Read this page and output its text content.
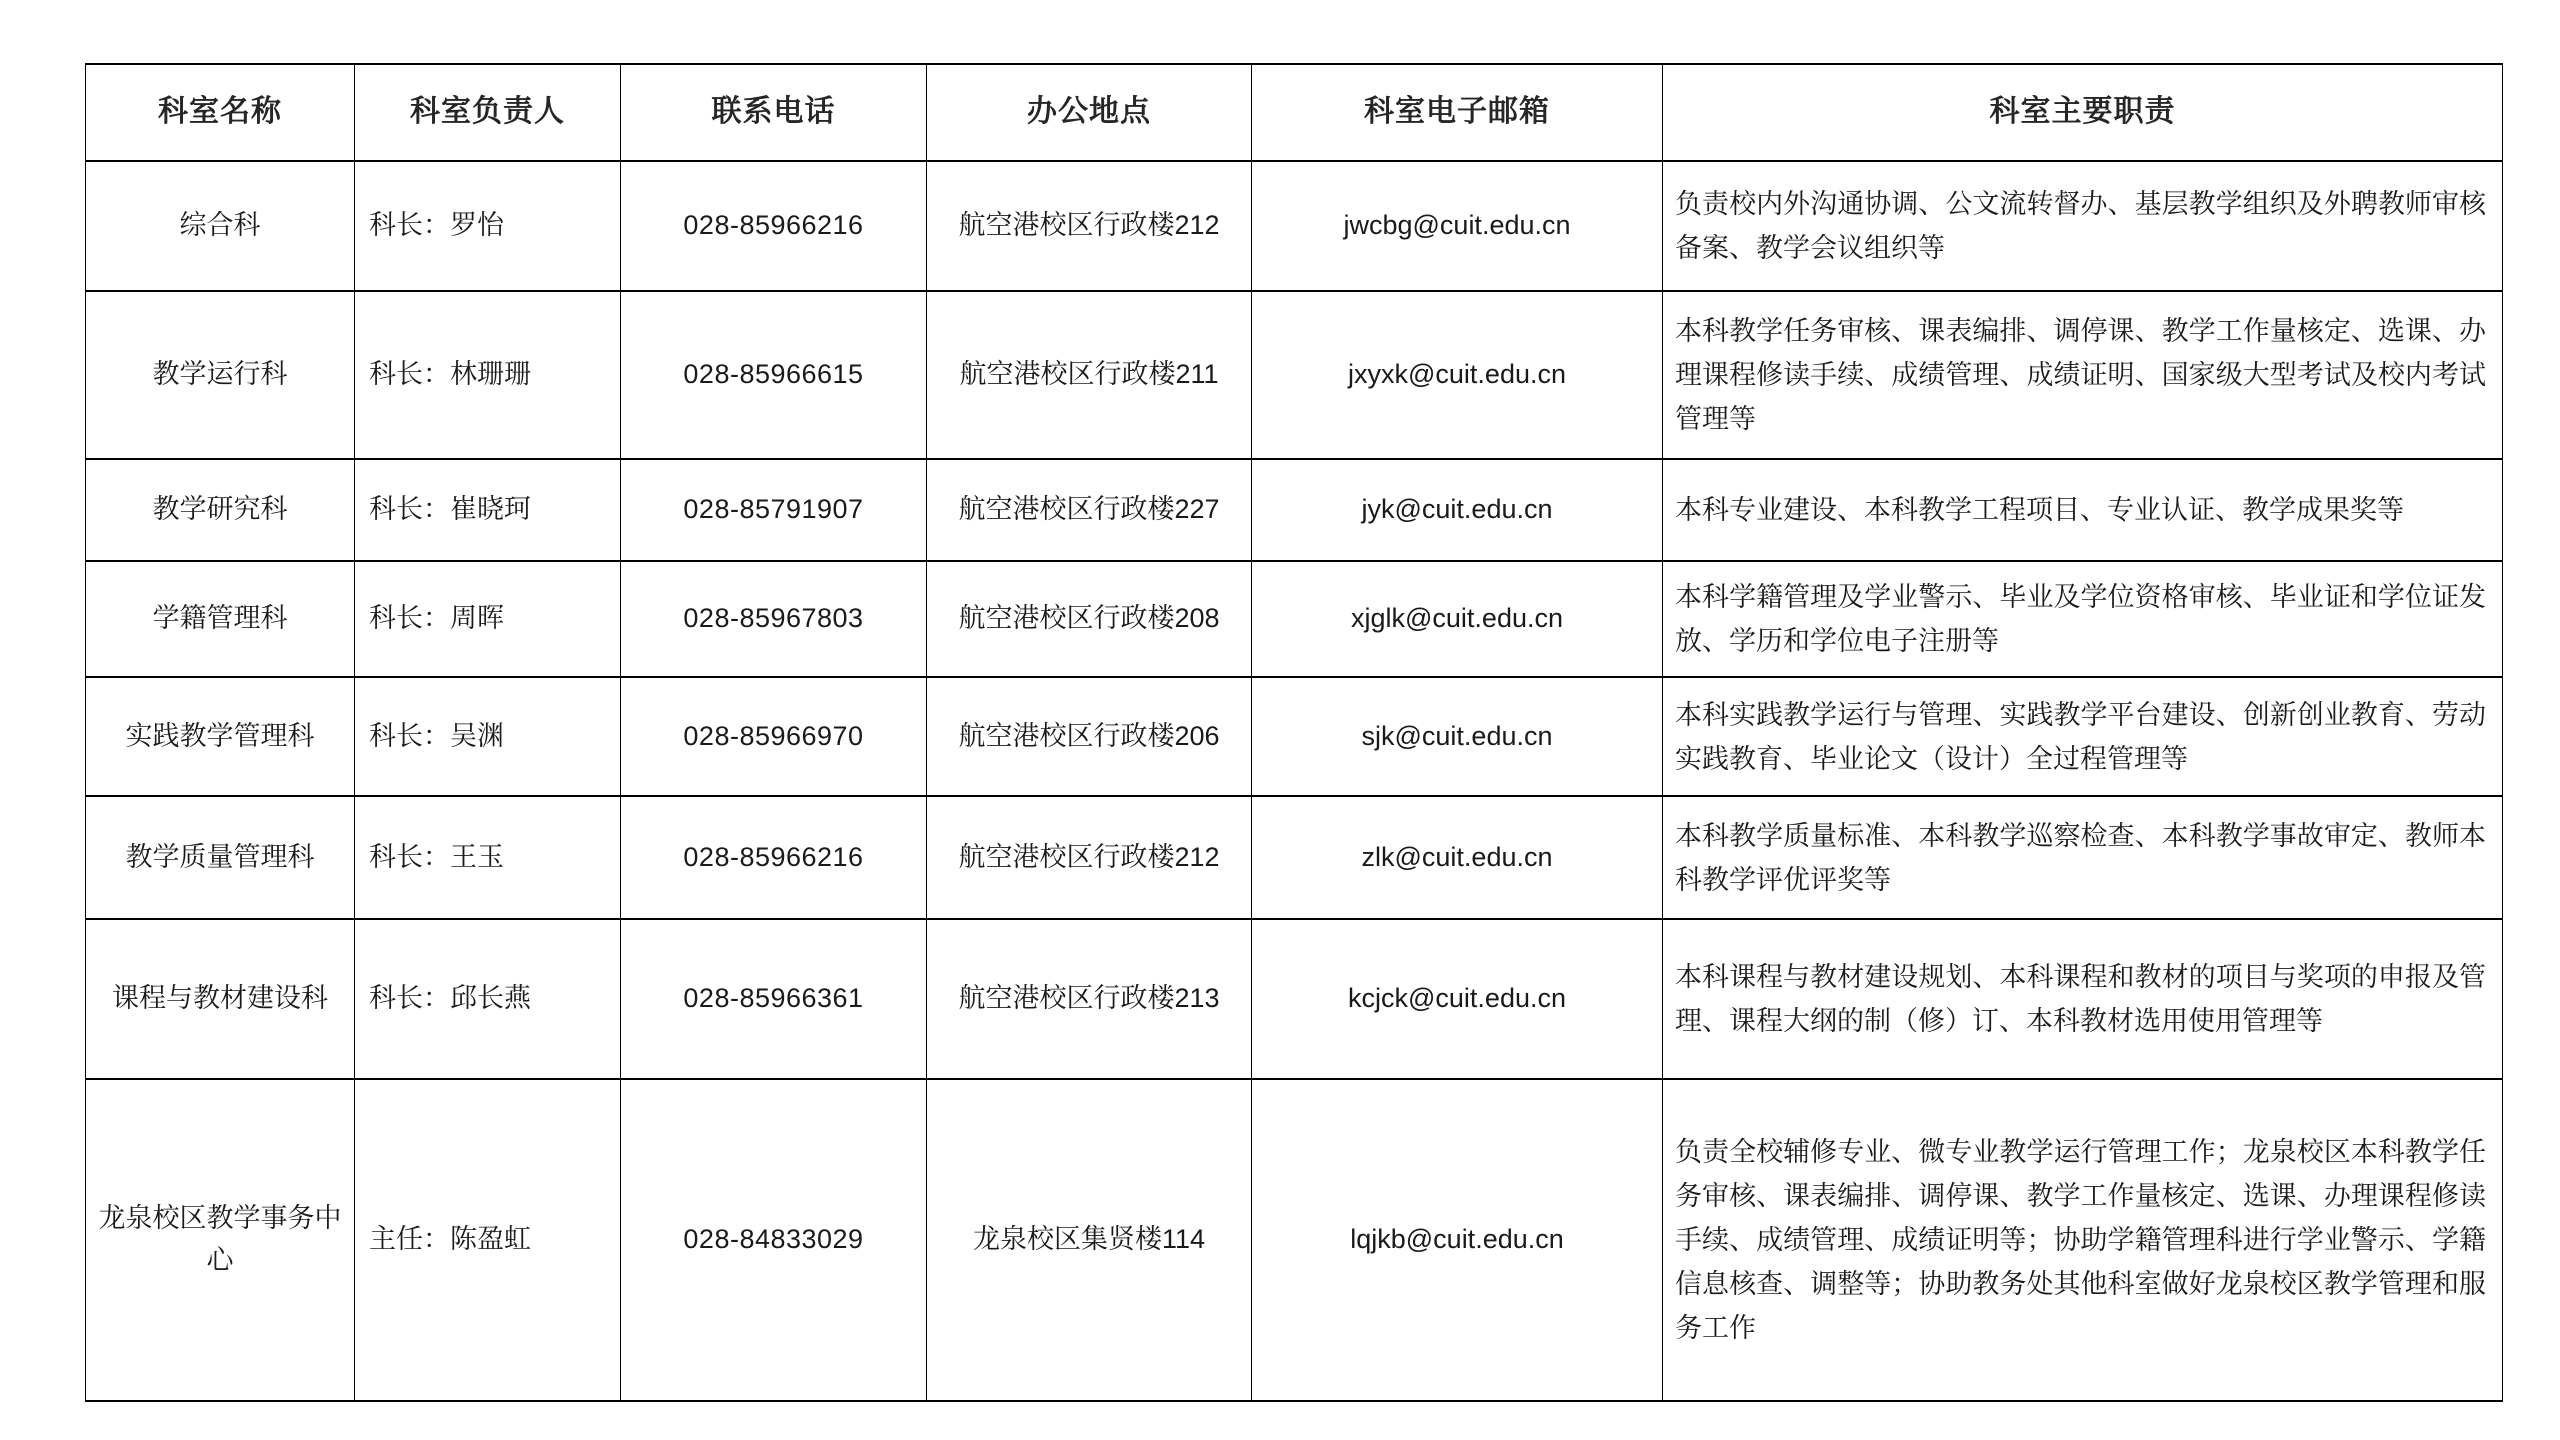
科室名称	科室负责人	联系电话	办公地点	科室电子邮箱	科室主要职责
综合科	科长：罗怡	028-85966216	航空港校区行政楼212	jwcbg@cuit.edu.cn	负责校内外沟通协调、公文流转督办、基层教学组织及外聘教师审核备案、教学会议组织等
教学运行科	科长：林珊珊	028-85966615	航空港校区行政楼211	jxyxk@cuit.edu.cn	本科教学任务审核、课表编排、调停课、教学工作量核定、选课、办理课程修读手续、成绩管理、成绩证明、国家级大型考试及校内考试管理等
教学研究科	科长：崔晓珂	028-85791907	航空港校区行政楼227	jyk@cuit.edu.cn	本科专业建设、本科教学工程项目、专业认证、教学成果奖等
学籍管理科	科长：周晖	028-85967803	航空港校区行政楼208	xjglk@cuit.edu.cn	本科学籍管理及学业警示、毕业及学位资格审核、毕业证和学位证发放、学历和学位电子注册等
实践教学管理科	科长：吴渊	028-85966970	航空港校区行政楼206	sjk@cuit.edu.cn	本科实践教学运行与管理、实践教学平台建设、创新创业教育、劳动实践教育、毕业论文（设计）全过程管理等
教学质量管理科	科长：王玉	028-85966216	航空港校区行政楼212	zlk@cuit.edu.cn	本科教学质量标准、本科教学巡察检查、本科教学事故审定、教师本科教学评优评奖等
课程与教材建设科	科长：邱长燕	028-85966361	航空港校区行政楼213	kcjck@cuit.edu.cn	本科课程与教材建设规划、本科课程和教材的项目与奖项的申报及管理、课程大纲的制（修）订、本科教材选用使用管理等
龙泉校区教学事务中心	主任：陈盈虹	028-84833029	龙泉校区集贤楼114	lqjkb@cuit.edu.cn	负责全校辅修专业、微专业教学运行管理工作；龙泉校区本科教学任务审核、课表编排、调停课、教学工作量核定、选课、办理课程修读手续、成绩管理、成绩证明等；协助学籍管理科进行学业警示、学籍信息核查、调整等；协助教务处其他科室做好龙泉校区教学管理和服务工作
